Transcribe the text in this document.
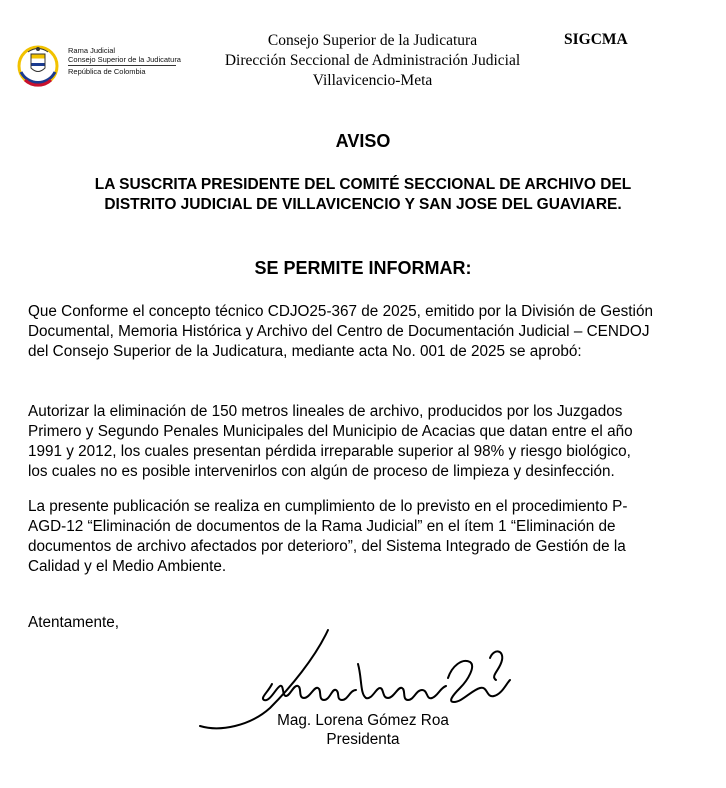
Rama Judicial
Consejo Superior de la Judicatura
República de Colombia
Consejo Superior de la Judicatura
Dirección Seccional de Administración Judicial
Villavicencio-Meta
SIGCMA
AVISO
LA SUSCRITA PRESIDENTE DEL COMITÉ SECCIONAL DE ARCHIVO DEL
DISTRITO JUDICIAL DE VILLAVICENCIO Y SAN JOSE DEL GUAVIARE.
SE PERMITE INFORMAR:
Que Conforme el concepto técnico CDJO25-367 de 2025, emitido por la División de Gestión
Documental, Memoria Histórica y Archivo del Centro de Documentación Judicial – CENDOJ
del Consejo Superior de la Judicatura, mediante acta No. 001 de 2025 se aprobó:
Autorizar la eliminación de 150 metros lineales de archivo, producidos por los Juzgados
Primero y Segundo Penales Municipales del Municipio de Acacias que datan entre el año
1991 y 2012, los cuales presentan pérdida irreparable superior al 98% y riesgo biológico,
los cuales no es posible intervenirlos con algún de proceso de limpieza y desinfección.
La presente publicación se realiza en cumplimiento de lo previsto en el procedimiento P-
AGD-12 “Eliminación de documentos de la Rama Judicial” en el ítem 1 “Eliminación de
documentos de archivo afectados por deterioro”, del Sistema Integrado de Gestión de la
Calidad y el Medio Ambiente.
Atentamente,
Mag. Lorena Gómez Roa
Presidenta
